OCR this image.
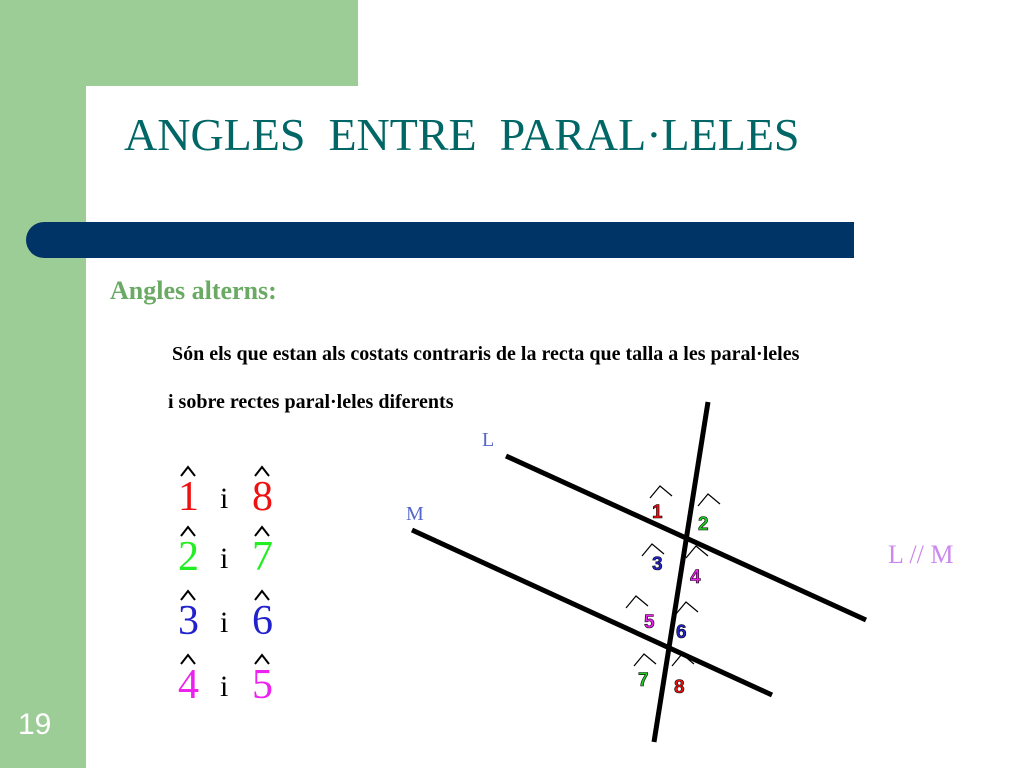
ANGLES  ENTRE  PARAL·LELES
Angles alterns:
Són els que estan als costats contraris de la recta que talla a les paral·leles
i sobre rectes paral·leles diferents
1 i 8
2 i 7
3 i 6
4 i 5
L
M	1
2
3
4
5 6
7 8
L // M
19
